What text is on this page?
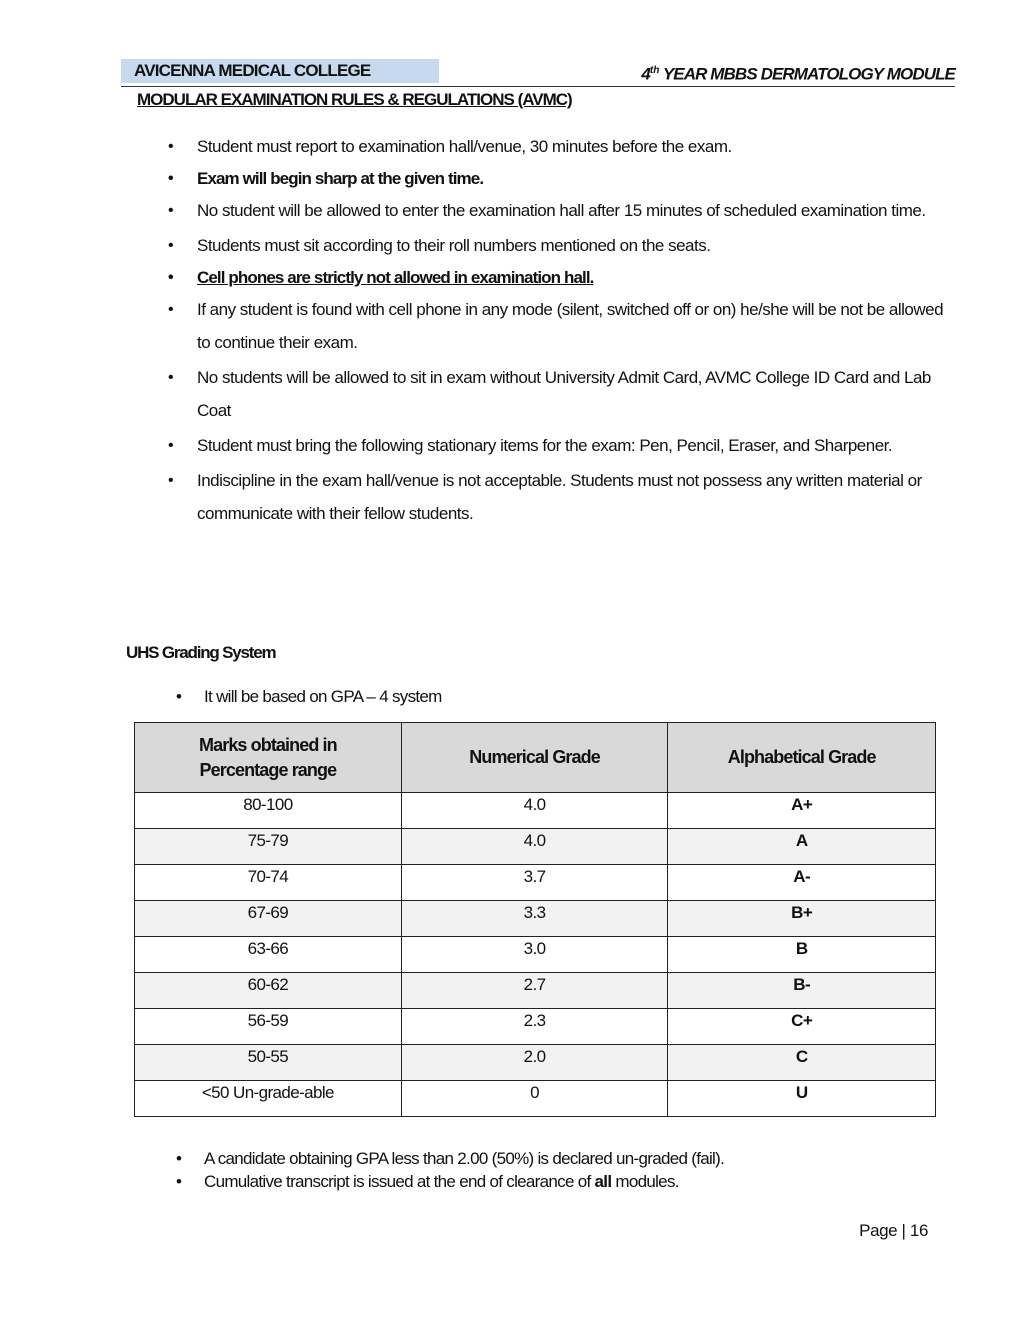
AVICENNA MEDICAL COLLEGE	4th YEAR MBBS DERMATOLOGY MODULE
MODULAR EXAMINATION RULES & REGULATIONS (AVMC)
• Student must report to examination hall/venue, 30 minutes before the exam.
• Exam will begin sharp at the given time.
• No student will be allowed to enter the examination hall after 15 minutes of scheduled examination time.
• Students must sit according to their roll numbers mentioned on the seats.
• Cell phones are strictly not allowed in examination hall.
• If any student is found with cell phone in any mode (silent, switched off or on) he/she will be not be allowed to continue their exam.
• No students will be allowed to sit in exam without University Admit Card, AVMC College ID Card and Lab Coat
• Student must bring the following stationary items for the exam: Pen, Pencil, Eraser, and Sharpener.
• Indiscipline in the exam hall/venue is not acceptable. Students must not possess any written material or communicate with their fellow students.
UHS Grading System
• It will be based on GPA – 4 system
Marks obtained in Percentage range	Numerical Grade	Alphabetical Grade
80-100	4.0	A+
75-79	4.0	A
70-74	3.7	A-
67-69	3.3	B+
63-66	3.0	B
60-62	2.7	B-
56-59	2.3	C+
50-55	2.0	C
<50 Un-grade-able	0	U
• A candidate obtaining GPA less than 2.00 (50%) is declared un-graded (fail).
• Cumulative transcript is issued at the end of clearance of all modules.
Page | 16
